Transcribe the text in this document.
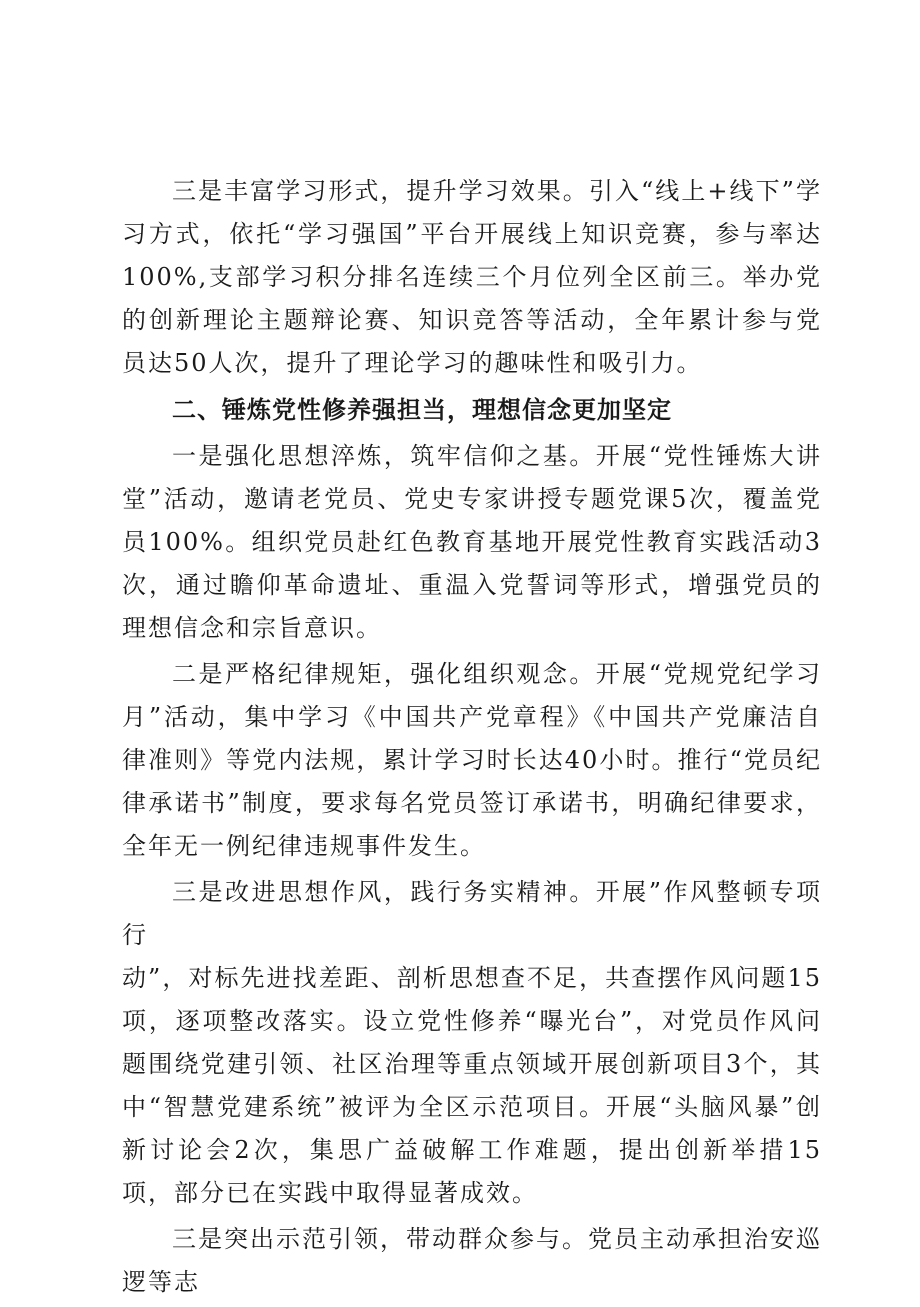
三是丰富学习形式，提升学习效果。引入“线上+线下”学习方式，依托“学习强国”平台开展线上知识竞赛，参与率达100%,支部学习积分排名连续三个月位列全区前三。举办党的创新理论主题辩论赛、知识竞答等活动，全年累计参与党员达50人次，提升了理论学习的趣味性和吸引力。

二、锤炼党性修养强担当，理想信念更加坚定

一是强化思想淬炼，筑牢信仰之基。开展“党性锤炼大讲堂”活动，邀请老党员、党史专家讲授专题党课5次，覆盖党员100%。组织党员赴红色教育基地开展党性教育实践活动3次，通过瞻仰革命遗址、重温入党誓词等形式，增强党员的理想信念和宗旨意识。

二是严格纪律规矩，强化组织观念。开展“党规党纪学习月”活动，集中学习《中国共产党章程》《中国共产党廉洁自律准则》等党内法规，累计学习时长达40小时。推行“党员纪律承诺书”制度，要求每名党员签订承诺书，明确纪律要求，全年无一例纪律违规事件发生。

三是改进思想作风，践行务实精神。开展”作风整顿专项行

动”，对标先进找差距、剖析思想查不足，共查摆作风问题15项，逐项整改落实。设立党性修养“曝光台”，对党员作风问题围绕党建引领、社区治理等重点领域开展创新项目3个，其中“智慧党建系统”被评为全区示范项目。开展“头脑风暴”创新讨论会2次，集思广益破解工作难题，提出创新举措15项，部分已在实践中取得显著成效。

三是突出示范引领，带动群众参与。党员主动承担治安巡逻等志
